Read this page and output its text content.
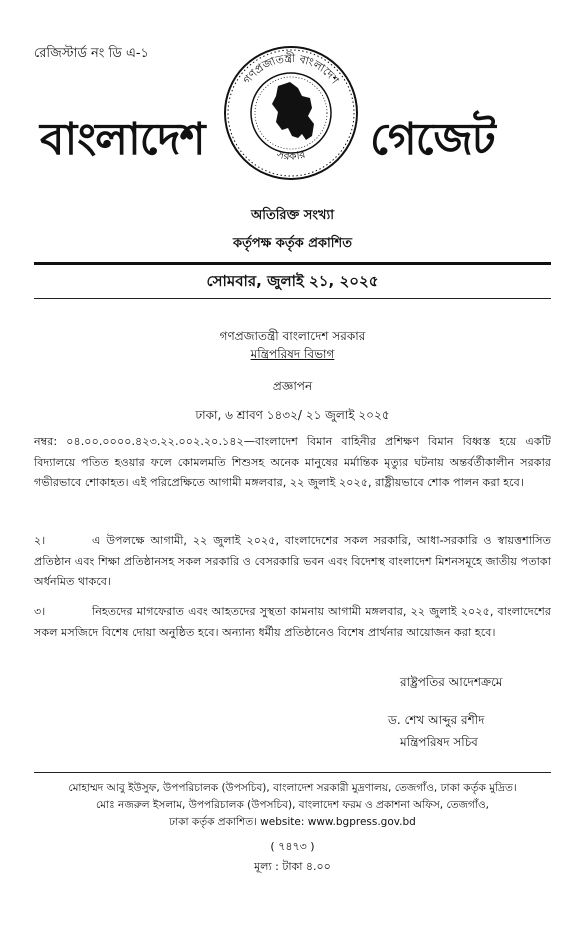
রেজিস্টার্ড নং ডি এ-১
বাংলাদেশ
গণপ্রজাতন্ত্রী বাংলাদেশ
সরকার গেজেট
অতিরিক্ত সংখ্যা
কর্তৃপক্ষ কর্তৃক প্রকাশিত
সোমবার, জুলাই ২১, ২০২৫
গণপ্রজাতন্ত্রী বাংলাদেশ সরকার
মন্ত্রিপরিষদ বিভাগ
প্রজ্ঞাপন
ঢাকা, ৬ শ্রাবণ ১৪৩২/ ২১ জুলাই ২০২৫
নম্বর: ০৪.০০.০০০০.৪২৩.২২.০০২.২০.১৪২—বাংলাদেশ বিমান বাহিনীর প্রশিক্ষণ বিমান বিধ্বস্ত হয়ে একটি বিদ্যালয়ে পতিত হওয়ার ফলে কোমলমতি শিশুসহ অনেক মানুষের মর্মান্তিক মৃত্যুর ঘটনায় অন্তর্বর্তীকালীন সরকার গভীরভাবে শোকাহত। এই পরিপ্রেক্ষিতে আগামী মঙ্গলবার, ২২ জুলাই ২০২৫, রাষ্ট্রীয়ভাবে শোক পালন করা হবে।
২।	এ উপলক্ষে আগামী, ২২ জুলাই ২০২৫, বাংলাদেশের সকল সরকারি, আধা-সরকারি ও স্বায়ত্তশাসিত প্রতিষ্ঠান এবং শিক্ষা প্রতিষ্ঠানসহ সকল সরকারি ও বেসরকারি ভবন এবং বিদেশস্থ বাংলাদেশ মিশনসমূহে জাতীয় পতাকা অর্ধনমিত থাকবে।
৩।	নিহতদের মাগফেরাত এবং আহতদের সুস্থতা কামনায় আগামী মঙ্গলবার, ২২ জুলাই ২০২৫, বাংলাদেশের সকল মসজিদে বিশেষ দোয়া অনুষ্ঠিত হবে। অন্যান্য ধর্মীয় প্রতিষ্ঠানেও বিশেষ প্রার্থনার আয়োজন করা হবে।
রাষ্ট্রপতির আদেশক্রমে
ড. শেখ আব্দুর রশীদ
মন্ত্রিপরিষদ সচিব
মোহাম্মদ আবু ইউসুফ, উপপরিচালক (উপসচিব), বাংলাদেশ সরকারী মুদ্রণালয়, তেজগাঁও, ঢাকা কর্তৃক মুদ্রিত।
মোঃ নজরুল ইসলাম, উপপরিচালক (উপসচিব), বাংলাদেশ ফরম ও প্রকাশনা অফিস, তেজগাঁও,
ঢাকা কর্তৃক প্রকাশিত। website: www.bgpress.gov.bd
( ৭৪৭৩ )
মূল্য : টাকা ৪.০০
